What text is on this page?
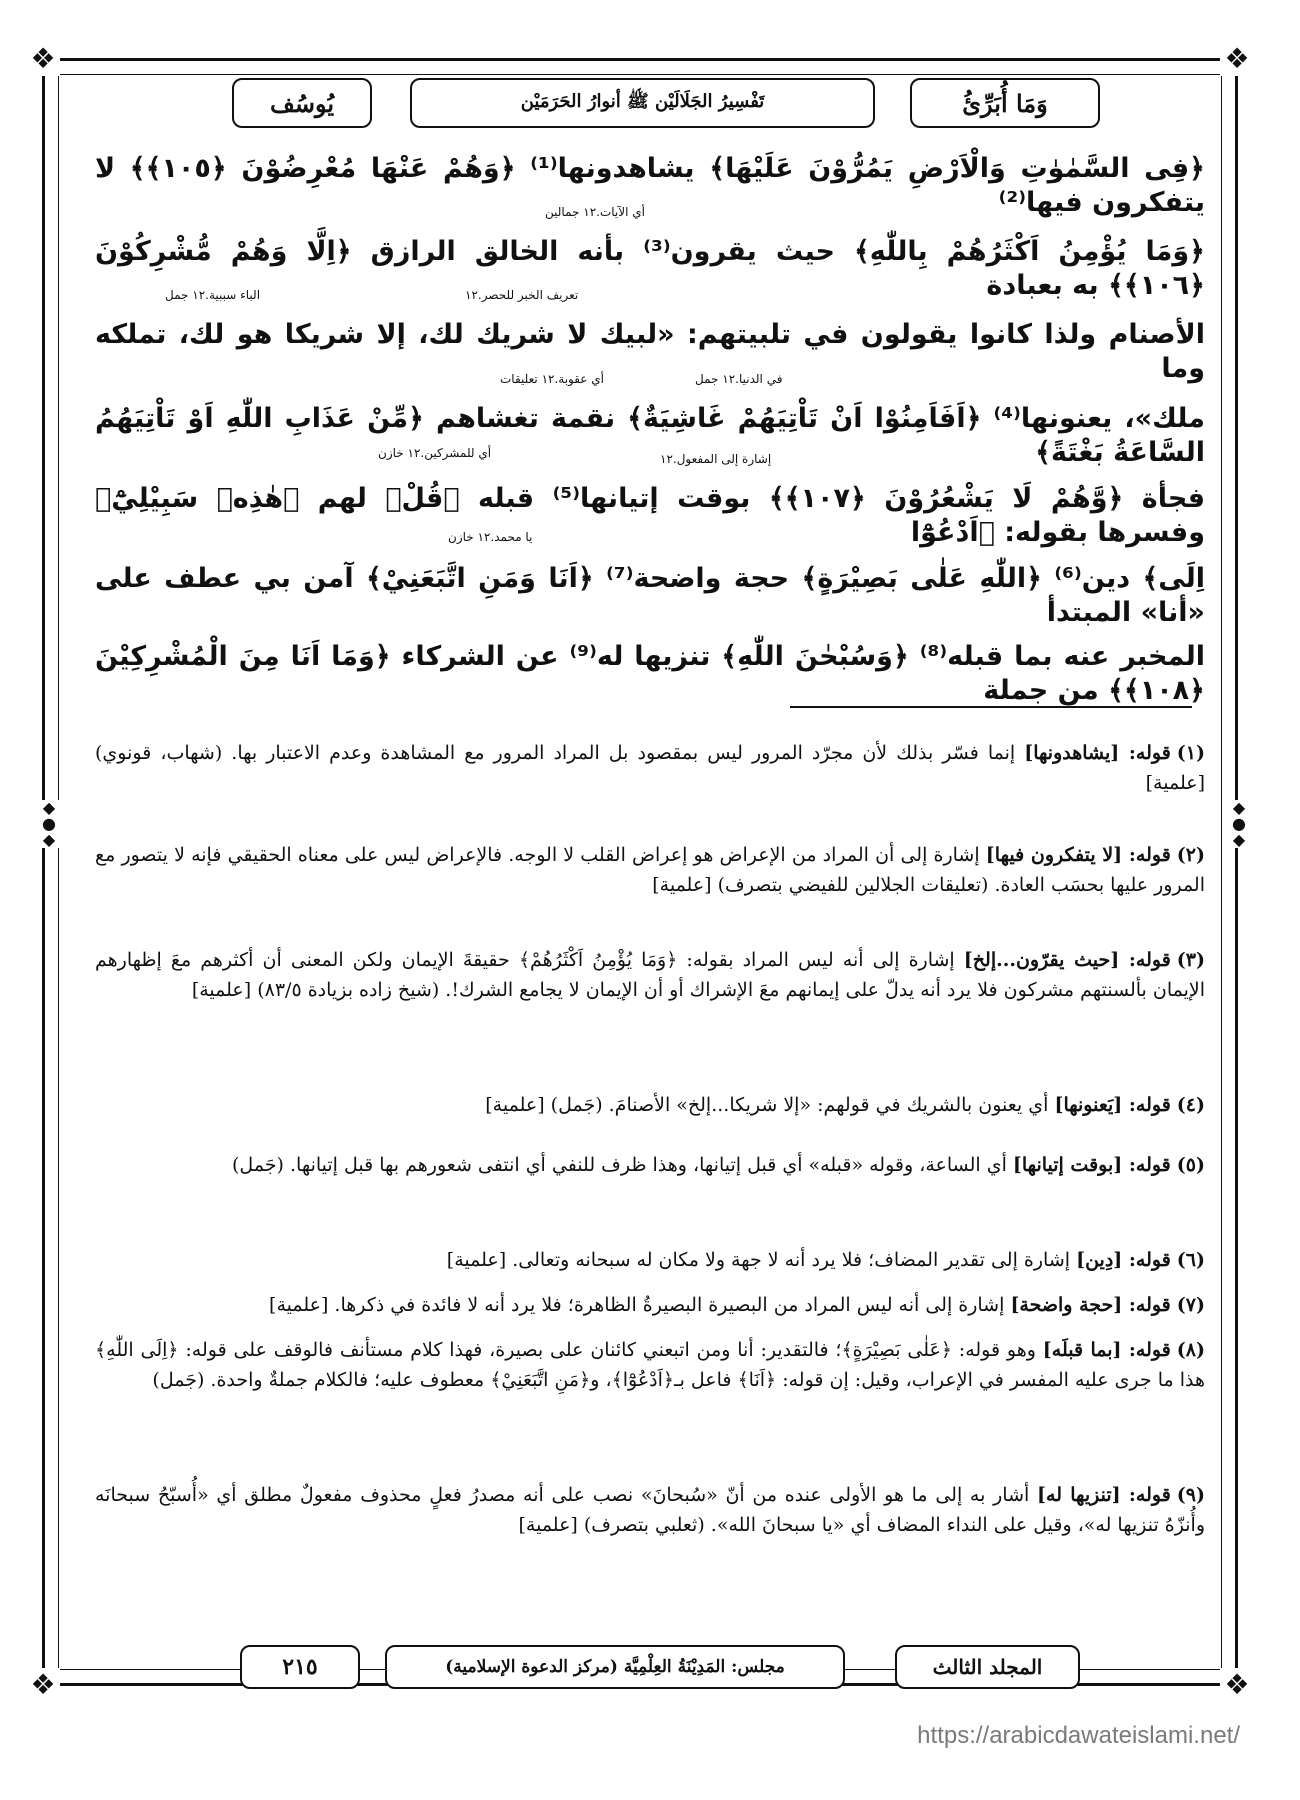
❖	❖
❖	❖
◆
●
◆
◆
●
◆
وَمَا أُبَرِّئُ
تَفْسِيرُ الجَلَالَيْن ﷺ أنوارُ الحَرَمَيْن
يُوسُف
﴿فِى السَّمٰوٰتِ وَالْاَرْضِ يَمُرُّوْنَ عَلَيْهَا﴾ يشاهدونها⁽¹⁾ ﴿وَهُمْ عَنْهَا مُعْرِضُوْنَ ﴿١٠٥﴾﴾ لا يتفكرون فيها⁽²⁾
أي الآيات.١٢ جمالين
﴿وَمَا يُؤْمِنُ اَكْثَرُهُمْ بِاللّٰهِ﴾ حيث يقرون⁽³⁾ بأنه الخالق الرازق ﴿اِلَّا وَهُمْ مُّشْرِكُوْنَ ﴿١٠٦﴾﴾ به بعبادة
تعريف الخبر للحصر.١٢
الباء سببية.١٢ جمل
الأصنام ولذا كانوا يقولون في تلبيتهم: «لبيك لا شريك لك، إلا شريكا هو لك، تملكه وما
في الدنيا.١٢ جمل
أي عقوبة.١٢ تعليقات
ملك»، يعنونها⁽⁴⁾ ﴿اَفَاَمِنُوْا اَنْ تَاْتِيَهُمْ غَاشِيَةٌ﴾ نقمة تغشاهم ﴿مِّنْ عَذَابِ اللّٰهِ اَوْ تَاْتِيَهُمُ السَّاعَةُ بَغْتَةً﴾
إشارة إلى المفعول.١٢
أي للمشركين.١٢ خازن
فجأة ﴿وَّهُمْ لَا يَشْعُرُوْنَ ﴿١٠٧﴾﴾ بوقت إتيانها⁽⁵⁾ قبله ﴿قُلْ﴾ لهم ﴿هٰذِهٖ سَبِيْلِيْٓ﴾ وفسرها بقوله: ﴿اَدْعُوْٓا
يا محمد.١٢ خازن
اِلَى﴾ دين⁽⁶⁾ ﴿اللّٰهِ عَلٰى بَصِيْرَةٍ﴾ حجة واضحة⁽⁷⁾ ﴿اَنَا وَمَنِ اتَّبَعَنِيْ﴾ آمن بي عطف على «أنا» المبتدأ
المخبر عنه بما قبله⁽⁸⁾ ﴿وَسُبْحٰنَ اللّٰهِ﴾ تنزيها له⁽⁹⁾ عن الشركاء ﴿وَمَا اَنَا مِنَ الْمُشْرِكِيْنَ ﴿١٠٨﴾﴾ من جملة
(١)قوله: [يشاهدونها] إنما فسّر بذلك لأن مجرّد المرور ليس بمقصود بل المراد المرور مع المشاهدة وعدم الاعتبار بها. (شهاب، قونوي) [علمية]
(٢)قوله: [لا يتفكرون فيها] إشارة إلى أن المراد من الإعراض هو إعراض القلب لا الوجه. فالإعراض ليس على معناه الحقيقي فإنه لا يتصور مع المرور عليها بحسَب العادة. (تعليقات الجلالين للفيضي بتصرف) [علمية]
(٣)قوله: [حيث يقرّون...إلخ] إشارة إلى أنه ليس المراد بقوله: ﴿وَمَا يُؤْمِنُ اَكْثَرُهُمْ﴾ حقيقةَ الإيمان ولكن المعنى أن أكثرهم معَ إظهارهم الإيمان بألسنتهم مشركون فلا يرد أنه يدلّ على إيمانهم معَ الإشراك أو أن الإيمان لا يجامع الشرك!. (شيخ زاده بزيادة ٨٣/٥) [علمية]
(٤)قوله: [يَعنونها] أي يعنون بالشريك في قولهم: «إلا شريكا...إلخ» الأصنامَ. (جَمل) [علمية]
(٥)قوله: [بوقت إتيانها] أي الساعة، وقوله «قبله» أي قبل إتيانها، وهذا ظرف للنفي أي انتفى شعورهم بها قبل إتيانها. (جَمل)
(٦)قوله: [دِين] إشارة إلى تقدير المضاف؛ فلا يرد أنه لا جهة ولا مكان له سبحانه وتعالى. [علمية]
(٧)قوله: [حجة واضحة] إشارة إلى أنه ليس المراد من البصيرة البصيرةُ الظاهرة؛ فلا يرد أنه لا فائدة في ذكرها. [علمية]
(٨)قوله: [بما قبلَه] وهو قوله: ﴿عَلٰى بَصِيْرَةٍ﴾؛ فالتقدير: أنا ومن اتبعني كائنان على بصيرة، فهذا كلام مستأنف فالوقف على قوله: ﴿اِلَى اللّٰهِ﴾ هذا ما جرى عليه المفسر في الإعراب، وقيل: إن قوله: ﴿اَنَا﴾ فاعل بـ﴿اَدْعُوْٓا﴾، و﴿مَنِ اتَّبَعَنِيْ﴾ معطوف عليه؛ فالكلام جملةٌ واحدة. (جَمل)
(٩)قوله: [تنزيها له] أشار به إلى ما هو الأولى عنده من أنّ «سُبحانَ» نصب على أنه مصدرُ فعلٍ محذوف مفعولٌ مطلق أي «أُسبّحُ سبحانَه وأُنزّهُ تنزيها له»، وقيل على النداء المضاف أي «يا سبحانَ الله». (ثعلبي بتصرف) [علمية]
المجلد الثالث
مجلس: المَدِيْنَةُ العِلْمِيَّة (مركز الدعوة الإسلامية)
٢١٥
https://arabicdawateislami.net/
